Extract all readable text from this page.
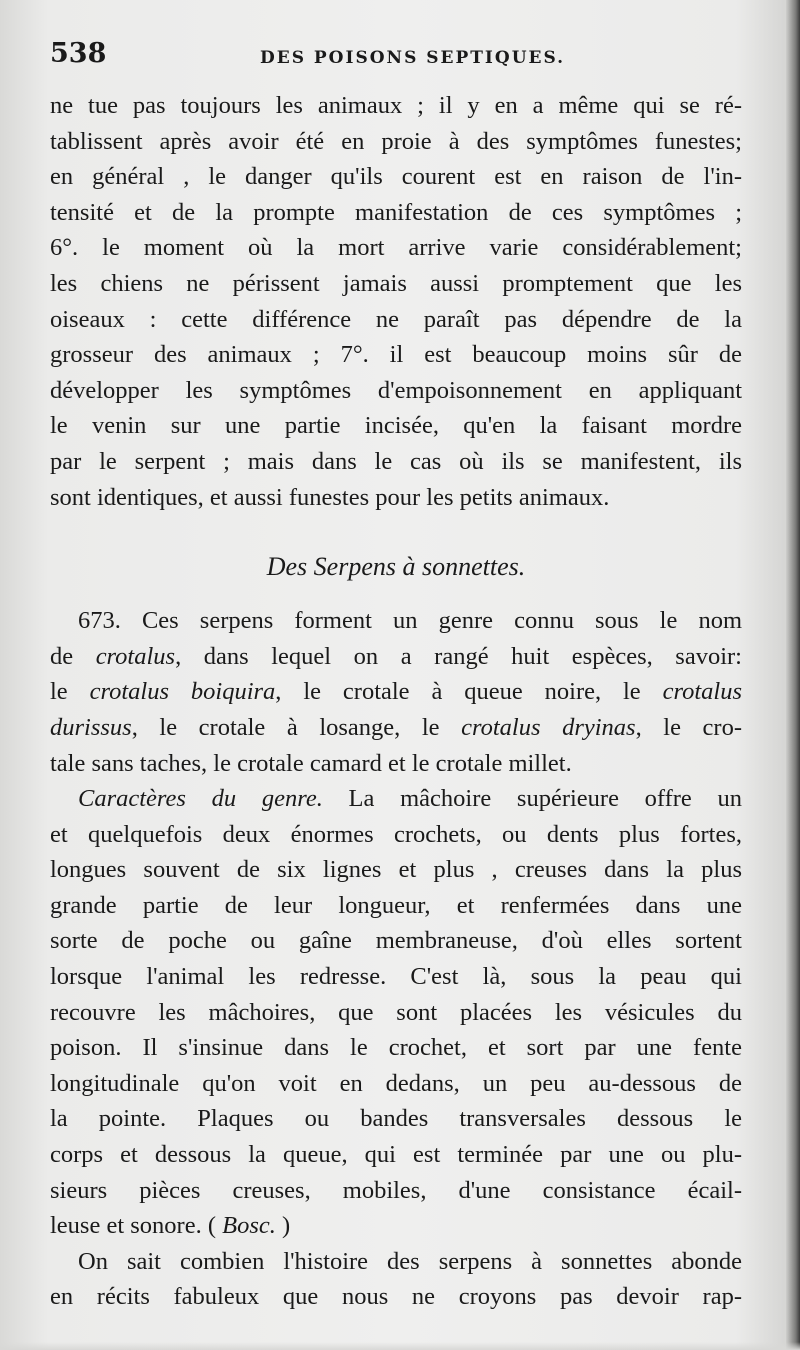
538	DES POISONS SEPTIQUES.
ne tue pas toujours les animaux ; il y en a même qui se ré-
tablissent après avoir été en proie à des symptômes funestes;
en général , le danger qu'ils courent est en raison de l'in-
tensité et de la prompte manifestation de ces symptômes ;
6°. le moment où la mort arrive varie considérablement;
les chiens ne périssent jamais aussi promptement que les
oiseaux : cette différence ne paraît pas dépendre de la
grosseur des animaux ; 7°. il est beaucoup moins sûr de
développer les symptômes d'empoisonnement en appliquant
le venin sur une partie incisée, qu'en la faisant mordre
par le serpent ; mais dans le cas où ils se manifestent, ils
sont identiques, et aussi funestes pour les petits animaux.
Des Serpens à sonnettes.
673. Ces serpens forment un genre connu sous le nom
de crotalus, dans lequel on a rangé huit espèces, savoir:
le crotalus boiquira, le crotale à queue noire, le crotalus
durissus, le crotale à losange, le crotalus dryinas, le cro-
tale sans taches, le crotale camard et le crotale millet.
Caractères du genre. La mâchoire supérieure offre un
et quelquefois deux énormes crochets, ou dents plus fortes,
longues souvent de six lignes et plus , creuses dans la plus
grande partie de leur longueur, et renfermées dans une
sorte de poche ou gaîne membraneuse, d'où elles sortent
lorsque l'animal les redresse. C'est là, sous la peau qui
recouvre les mâchoires, que sont placées les vésicules du
poison. Il s'insinue dans le crochet, et sort par une fente
longitudinale qu'on voit en dedans, un peu au-dessous de
la pointe. Plaques ou bandes transversales dessous le
corps et dessous la queue, qui est terminée par une ou plu-
sieurs pièces creuses, mobiles, d'une consistance écail-
leuse et sonore. ( Bosc. )
On sait combien l'histoire des serpens à sonnettes abonde
en récits fabuleux que nous ne croyons pas devoir rap-
